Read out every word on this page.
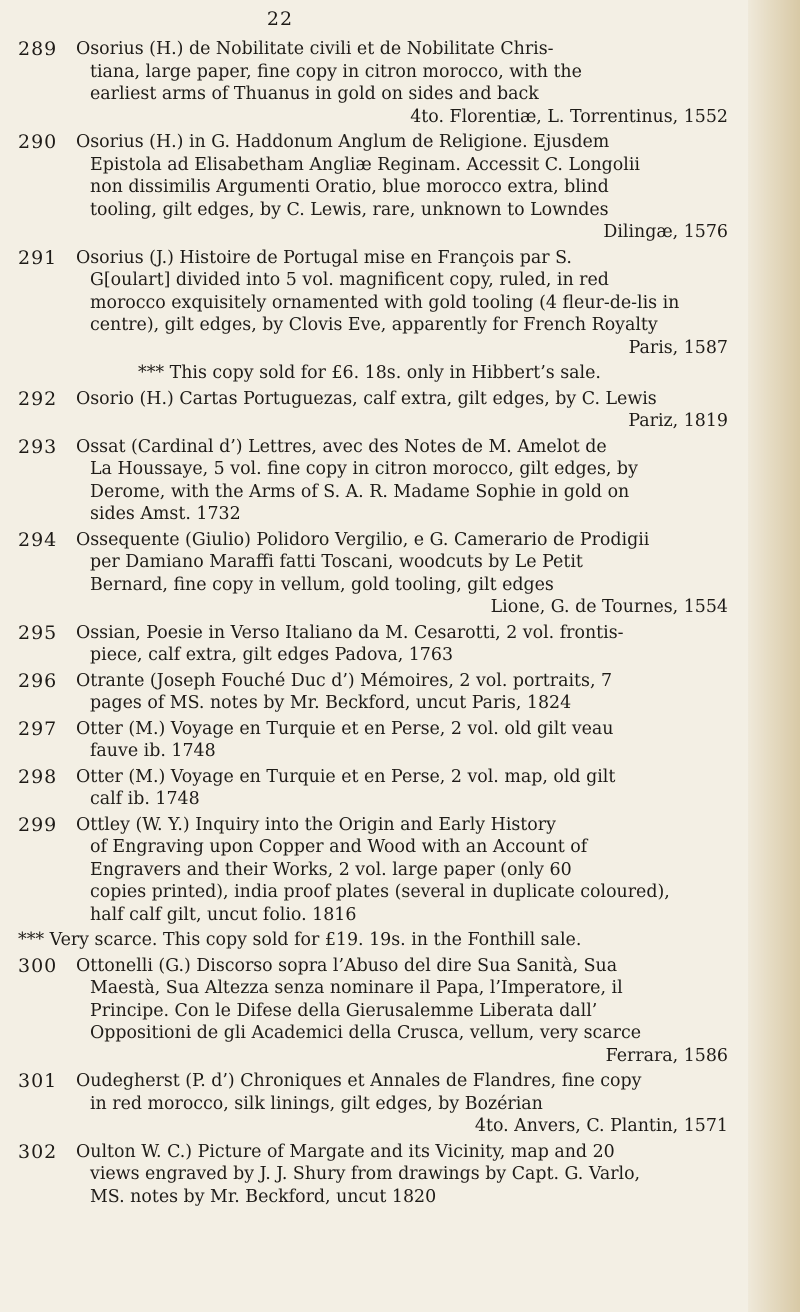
22
289	Osorius (H.) de Nobilitate civili et de Nobilitate Chris-
tiana, large paper, fine copy in citron morocco, with the
earliest arms of Thuanus in gold on sides and back
4to. Florentiæ, L. Torrentinus, 1552
290	Osorius (H.) in G. Haddonum Anglum de Religione. Ejusdem
Epistola ad Elisabetham Angliæ Reginam. Accessit C. Longolii
non dissimilis Argumenti Oratio, blue morocco extra, blind
tooling, gilt edges, by C. Lewis, rare, unknown to Lowndes
Dilingæ, 1576
291	Osorius (J.) Histoire de Portugal mise en François par S.
G[oulart] divided into 5 vol. magnificent copy, ruled, in red
morocco exquisitely ornamented with gold tooling (4 fleur-de-lis in
centre), gilt edges, by Clovis Eve, apparently for French Royalty
Paris, 1587
*** This copy sold for £6. 18s. only in Hibbert’s sale.
292	Osorio (H.) Cartas Portuguezas, calf extra, gilt edges, by C. Lewis
Pariz, 1819
293	Ossat (Cardinal d’) Lettres, avec des Notes de M. Amelot de
La Houssaye, 5 vol. fine copy in citron morocco, gilt edges, by
Derome, with the Arms of S. A. R. Madame Sophie in gold on
sides Amst. 1732
294	Ossequente (Giulio) Polidoro Vergilio, e G. Camerario de Prodigii
per Damiano Maraffi fatti Toscani, woodcuts by Le Petit
Bernard, fine copy in vellum, gold tooling, gilt edges
Lione, G. de Tournes, 1554
295	Ossian, Poesie in Verso Italiano da M. Cesarotti, 2 vol. frontis-
piece, calf extra, gilt edges Padova, 1763
296	Otrante (Joseph Fouché Duc d’) Mémoires, 2 vol. portraits, 7
pages of MS. notes by Mr. Beckford, uncut Paris, 1824
297	Otter (M.) Voyage en Turquie et en Perse, 2 vol. old gilt veau
fauve ib. 1748
298	Otter (M.) Voyage en Turquie et en Perse, 2 vol. map, old gilt
calf ib. 1748
299	Ottley (W. Y.) Inquiry into the Origin and Early History
of Engraving upon Copper and Wood with an Account of
Engravers and their Works, 2 vol. large paper (only 60
copies printed), india proof plates (several in duplicate coloured),
half calf gilt, uncut folio. 1816
*** Very scarce. This copy sold for £19. 19s. in the Fonthill sale.
300	Ottonelli (G.) Discorso sopra l’Abuso del dire Sua Sanità, Sua
Maestà, Sua Altezza senza nominare il Papa, l’Imperatore, il
Principe. Con le Difese della Gierusalemme Liberata dall’
Oppositioni de gli Academici della Crusca, vellum, very scarce
Ferrara, 1586
301	Oudegherst (P. d’) Chroniques et Annales de Flandres, fine copy
in red morocco, silk linings, gilt edges, by Bozérian
4to. Anvers, C. Plantin, 1571
302	Oulton W. C.) Picture of Margate and its Vicinity, map and 20
views engraved by J. J. Shury from drawings by Capt. G. Varlo,
MS. notes by Mr. Beckford, uncut 1820
